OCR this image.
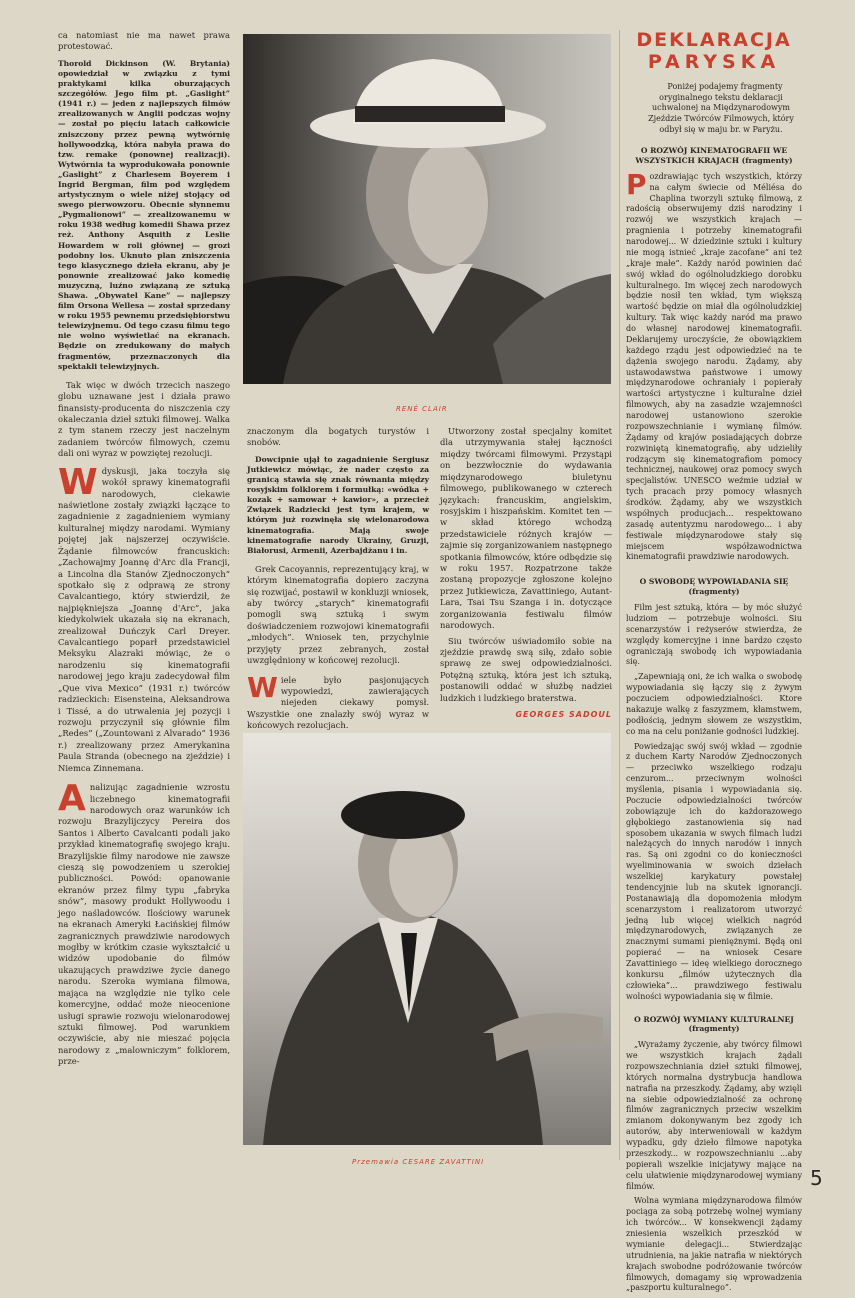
ca natomiast nie ma nawet prawa protestować.

Thorold Dickinson (W. Brytania) opowiedział w związku z tymi praktykami kilka oburzających szczegółów. Jego film pt. „Gaslight” (1941 r.) — jeden z najlepszych filmów zrealizowanych w Anglii podczas wojny — został po pięciu latach całkowicie zniszczony przez pewną wytwórnię hollywoodzką, która nabyła prawa do tzw. remake (ponownej realizacji). Wytwórnia ta wyprodukowała ponownie „Gaslight” z Charlesem Boyerem i Ingrid Bergman, film pod względem artystycznym o wiele niżej stojący od swego pierwowzoru. Obecnie słynnemu „Pygmalionowi” — zrealizowanemu w roku 1938 według komedii Shawa przez reż. Anthony Asquith z Leslie Howardem w roli głównej — grozi podobny los. Uknuto plan zniszczenia tego klasycznego dzieła ekranu, aby je ponownie zrealizować jako komedię muzyczną, luźno związaną ze sztuką Shawa. „Obywatel Kane” — najlepszy film Orsona Wellesa — został sprzedany w roku 1955 pewnemu przedsiębiorstwu telewizyjnemu. Od tego czasu filmu tego nie wolno wyświetlać na ekranach. Będzie on zredukowany do małych fragmentów, przeznaczonych dla spektakli telewizyjnych.

Tak więc w dwóch trzecich naszego globu uznawane jest i działa prawo finansisty-producenta do niszczenia czy okaleczania dzieł sztuki filmowej. Walka z tym stanem rzeczy jest naczelnym zadaniem twórców filmowych, czemu dali oni wyraz w powziętej rezolucji.

W dyskusji, jaka toczyła się wokół sprawy kinematografii narodowych, ciekawie naświetlone zostały związki łączące to zagadnienie z zagadnieniem wymiany kulturalnej między narodami. Wymiany pojętej jak najszerzej oczywiście. Żądanie filmowców francuskich: „Zachowajmy Joannę d'Arc dla Francji, a Lincolna dla Stanów Zjednoczonych” spotkało się z odprawą ze strony Cavalcantiego, który stwierdził, że najpiękniejsza „Joannę d'Arc”, jaka kiedykolwiek ukazała się na ekranach, zrealizował Duńczyk Carl Dreyer. Cavalcantiego poparł przedstawiciel Meksyku Alazraki mówiąc, że o narodzeniu się kinematografii narodowej jego kraju zadecydował film „Que viva Mexico” (1931 r.) twórców radzieckich: Eisensteina, Aleksandrowa i Tissé, a do utrwalenia jej pozycji i rozwoju przyczynił się głównie film „Redes” („Zountowani z Alvarado” 1936 r.) zrealizowany przez Amerykanina Paula Stranda (obecnego na zjeździe) i Niemca Zinnemana.
A nalizując zagadnienie wzrostu liczebnego kinematografii narodowych oraz warunków ich rozwoju Brazylijczycy Pereira dos Santos i Alberto Cavalcanti podali jako przykład kinematografię swojego kraju. Brazylijskie filmy narodowe nie zawsze cieszą się powodzeniem u szerokiej publiczności. Powód: opanowanie ekranów przez filmy typu „fabryka snów”, masowy produkt Hollywoodu i jego naśladowców. Ilościowy warunek na ekranach Ameryki Łacińskiej filmów zagranicznych prawdziwie narodowych mogłby w krótkim czasie wykształcić u widzów upodobanie do filmów ukazujących prawdziwe życie danego narodu. Szeroka wymiana filmowa, mająca na względzie nie tylko cele komercyjne, oddać może nieocenione usługi sprawie rozwoju wielonarodowej sztuki filmowej. Pod warunkiem oczywiście, aby nie mieszać pojęcia narodowy z „malowniczym” folklorem, prze-
RENÉ CLAIR

znaczonym dla bogatych turystów i snobów.

Dowcipnie ujął to zagadnienie Sergiusz Jutkiewicz mówiąc, że nader często za granicą stawia się znak równania między rosyjskim folklorem i formułką: «wódka + kozak + samowar + kawior», a przecież Związek Radziecki jest tym krajem, w którym już rozwinęła się wielonarodowa kinematografia. Mają swoje kinematografie narody Ukrainy, Gruzji, Białorusi, Armenii, Azerbajdżanu i in.

Grek Cacoyannis, reprezentujący kraj, w którym kinematografia dopiero zaczyna się rozwijać, postawił w konkluzji wniosek, aby twórcy „starych” kinematografii pomogli swą sztuką i swym doświadczeniem rozwojowi kinematografii „młodych”. Wniosek ten, przychylnie przyjęty przez zebranych, został uwzględniony w końcowej rezolucji.

W iele było pasjonujących wypowiedzi, zawierających niejeden ciekawy pomysł. Wszystkie one znalazły swój wyraz w końcowych rezolucjach.

Utworzony został specjalny komitet dla utrzymywania stałej łączności między twórcami filmowymi. Przystąpi on bezzwłocznie do wydawania międzynarodowego biuletynu filmowego, publikowanego w czterech językach: francuskim, angielskim, rosyjskim i hiszpańskim. Komitet ten — w skład którego wchodzą przedstawiciele różnych krajów — zajmie się zorganizowaniem następnego spotkania filmowców, które odbędzie się w roku 1957. Rozpatrzone także zostaną propozycje zgłoszone kolejno przez Jutkiewicza, Zavattiniego, Autant-Lara, Tsai Tsu Szanga i in. dotyczące zorganizowania festiwalu filmów narodowych.

Siu twórców uświadomiło sobie na zjeździe prawdę swą siłę, zdało sobie sprawę ze swej odpowiedzialności. Potężną sztuką, która jest ich sztuką, postanowili oddać w służbę nadziei ludzkich i ludzkiego braterstwa.

GEORGES SADOUL
Przemawia CESARE ZAVATTINI
DEKLARACJA
PARYSKA

Poniżej podajemy fragmenty oryginalnego tekstu deklaracji uchwalonej na Międzynarodowym Zjeździe Twórców Filmowych, który odbył się w maju br. w Paryżu.

O ROZWÓJ KINEMATOGRAFII WE WSZYSTKICH KRAJACH (fragmenty)
P ozdrawiając tych wszystkich, którzy na całym świecie od Méliésa do Chaplina tworzyli sztukę filmową, z radością obserwujemy dziś narodziny i rozwój we wszystkich krajach — pragnienia i potrzeby kinematografii narodowej... W dziedzinie sztuki i kultury nie mogą istnieć „kraje zacofane” ani też „kraje małe”. Każdy naród powinien dać swój wkład do ogólnoludzkiego dorobku kulturalnego. Im więcej zech narodowych będzie nosił ten wkład, tym większą wartość będzie on miał dla ogólnoludzkiej kultury. Tak więc każdy naród ma prawo do własnej narodowej kinematografii. Deklarujemy uroczyście, że obowiązkiem każdego rządu jest odpowiedzieć na te dążenia swojego narodu. Żądamy, aby ustawodawstwa państwowe i umowy międzynarodowe ochraniały i popierały wartości artystyczne i kulturalne dzieł filmowych, aby na zasadzie wzajemności narodowej ustanowiono szerokie rozpowszechnianie i wymianę filmów. Żądamy od krajów posiadających dobrze rozwiniętą kinematografię, aby udzieliły rodzącym się kinematografiom pomocy technicznej, naukowej oraz pomocy swych specjalistów. UNESCO weźmie udział w tych pracach przy pomocy własnych środków. Żądamy, aby we wszystkich współnych producjach... respektowano zasadę autentyzmu narodowego... i aby festiwale międzynarodowe stały się miejscem współzawodnictwa kinematografii prawdziwie narodowych.
O SWOBODĘ WYPOWIADANIA SIĘ (fragmenty)

Film jest sztuką, która — by móc służyć ludziom — potrzebuje wolności. Siu scenarzystów i reżyserów stwierdza, że względy komercyjne i inne bardzo często ograniczają swobodę ich wypowiadania się.

„Zapewniają oni, że ich walka o swobodę wypowiadania się łączy się z żywym poczuciem odpowiedzialności. Ktore nakazuje walkę z faszyzmem, kłamstwem, podłością, jednym słowem ze wszystkim, co ma na celu poniżanie godności ludzkiej.

Powiedzając swój swój wkład — zgodnie z duchem Karty Narodów Zjednoczonych — przeciwko wszelkiego rodzaju cenzurom... przeciwnym wolności myślenia, pisania i wypowiadania się. Poczucie odpowiedzialności twórców zobowiązuje ich do każdorazowego głębokiego zastanowienia się nad sposobem ukazania w swych filmach ludzi należących do innych narodów i innych ras. Są oni zgodni co do konieczności wyeliminowania w swoich dziełach wszelkiej karykatury powstałej tendencyjnie lub na skutek ignorancji. Postanawiają dla dopomożenia młodym scenarzystom i realizatorom utworzyć jedną lub więcej wielkich nagród międzynarodowych, związanych ze znacznymi sumami pieniężnymi. Będą oni popierać — na wniosek Cesare Zavattiniego — ideę wielkiego dorocznego konkursu „filmów użytecznych dla człowieka”... prawdziwego festiwalu wolności wypowiadania się w filmie.

O ROZWÓJ WYMIANY KULTURALNEJ (fragmenty)

„Wyrażamy życzenie, aby twórcy filmowi we wszystkich krajach żądali rozpowszechniania dzieł sztuki filmowej, których normalna dystrybucja handlowa natrafia na przeszkody. Żądamy, aby wzięli na siebie odpowiedzialność za ochronę filmów zagranicznych przeciw wszelkim zmianom dokonywanym bez zgody ich autorów, aby interweniowali w każdym wypadku, gdy dzieło filmowe napotyka przeszkody... w rozpowszechnianiu ...aby popierali wszelkie inicjatywy mające na celu ułatwienie międzynarodowej wymiany filmów.

Wolna wymiana międzynarodowa filmów pociąga za sobą potrzebę wolnej wymiany ich twórców... W konsekwencji żądamy zniesienia wszelkich przeszkód w wymianie delegacji... Stwierdzając utrudnienia, na jakie natrafia w niektórych krajach swobodne podróżowanie twórców filmowych, domagamy się wprowadzenia „paszportu kulturalnego”.

5
